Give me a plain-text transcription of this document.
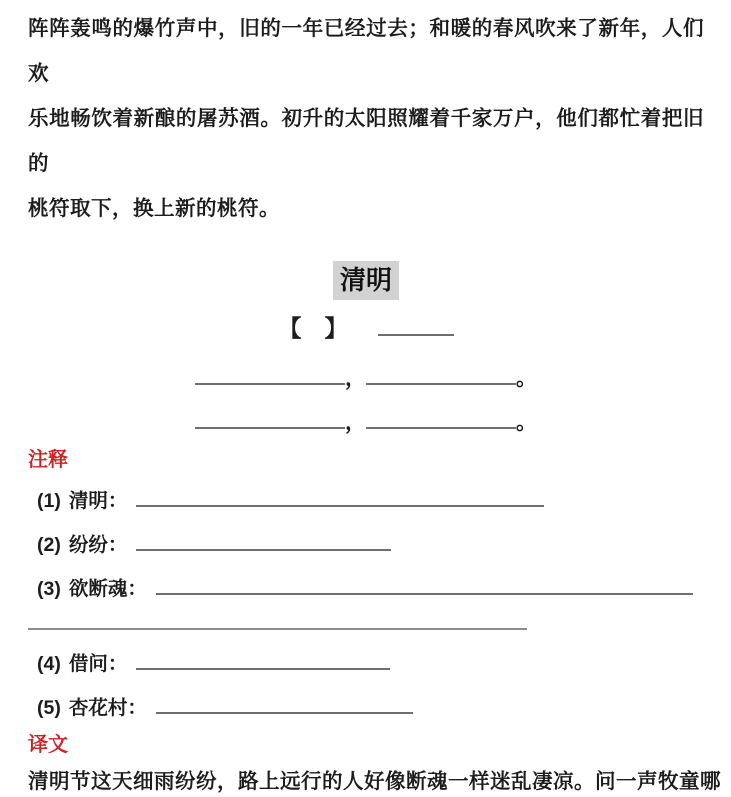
阵阵轰鸣的爆竹声中，旧的一年已经过去；和暖的春风吹来了新年，人们欢
乐地畅饮着新酿的屠苏酒。初升的太阳照耀着千家万户，他们都忙着把旧的
桃符取下，换上新的桃符。
清明
【　】
，	。
，	。
注释
(1) 清明：
(2) 纷纷：
(3) 欲断魂：
(4) 借问：
(5) 杏花村：
译文
清明节这天细雨纷纷，路上远行的人好像断魂一样迷乱凄凉。问一声牧童哪
